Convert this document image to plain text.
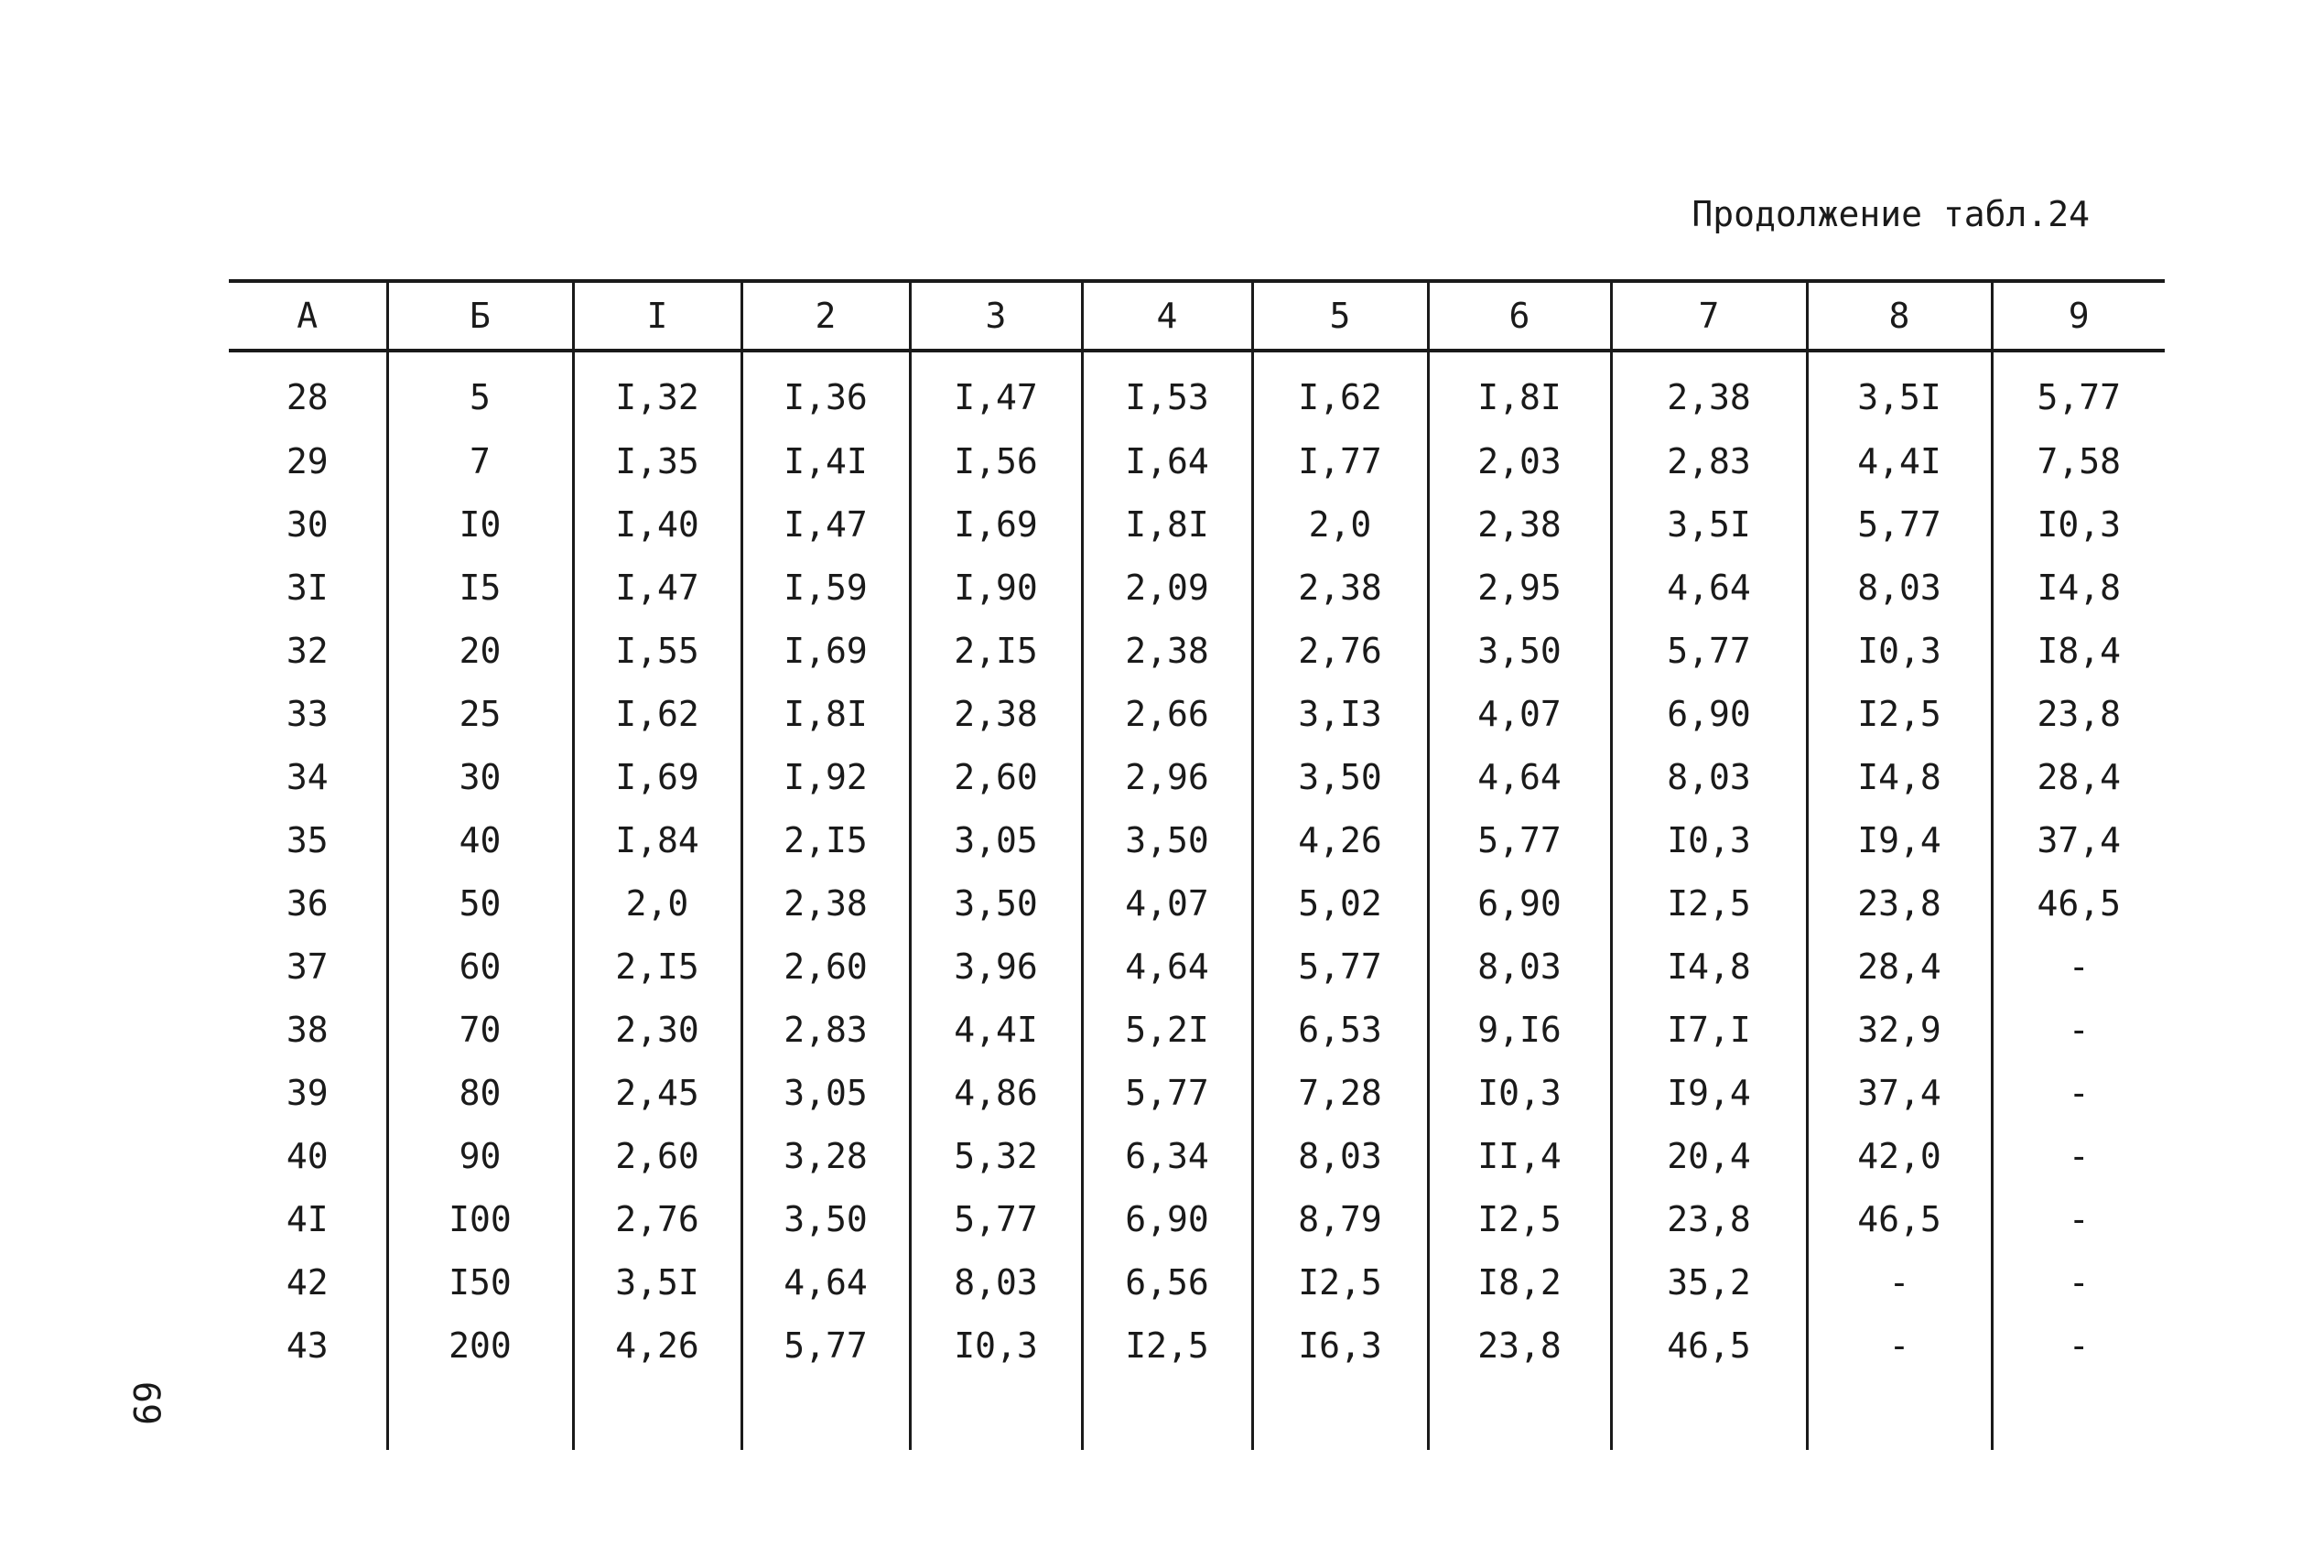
Продолжение табл.24
А	Б	I	2	3	4	5	6	7	8	9
28	5	I,32	I,36	I,47	I,53	I,62	I,8I	2,38	3,5I	5,77
29	7	I,35	I,4I	I,56	I,64	I,77	2,03	2,83	4,4I	7,58
30	I0	I,40	I,47	I,69	I,8I	2,0	2,38	3,5I	5,77	I0,3
3I	I5	I,47	I,59	I,90	2,09	2,38	2,95	4,64	8,03	I4,8
32	20	I,55	I,69	2,I5	2,38	2,76	3,50	5,77	I0,3	I8,4
33	25	I,62	I,8I	2,38	2,66	3,I3	4,07	6,90	I2,5	23,8
34	30	I,69	I,92	2,60	2,96	3,50	4,64	8,03	I4,8	28,4
35	40	I,84	2,I5	3,05	3,50	4,26	5,77	I0,3	I9,4	37,4
36	50	2,0	2,38	3,50	4,07	5,02	6,90	I2,5	23,8	46,5
37	60	2,I5	2,60	3,96	4,64	5,77	8,03	I4,8	28,4	-
38	70	2,30	2,83	4,4I	5,2I	6,53	9,I6	I7,I	32,9	-
39	80	2,45	3,05	4,86	5,77	7,28	I0,3	I9,4	37,4	-
40	90	2,60	3,28	5,32	6,34	8,03	II,4	20,4	42,0	-
4I	I00	2,76	3,50	5,77	6,90	8,79	I2,5	23,8	46,5	-
42	I50	3,5I	4,64	8,03	6,56	I2,5	I8,2	35,2	-	-
43	200	4,26	5,77	I0,3	I2,5	I6,3	23,8	46,5	-	-

69
